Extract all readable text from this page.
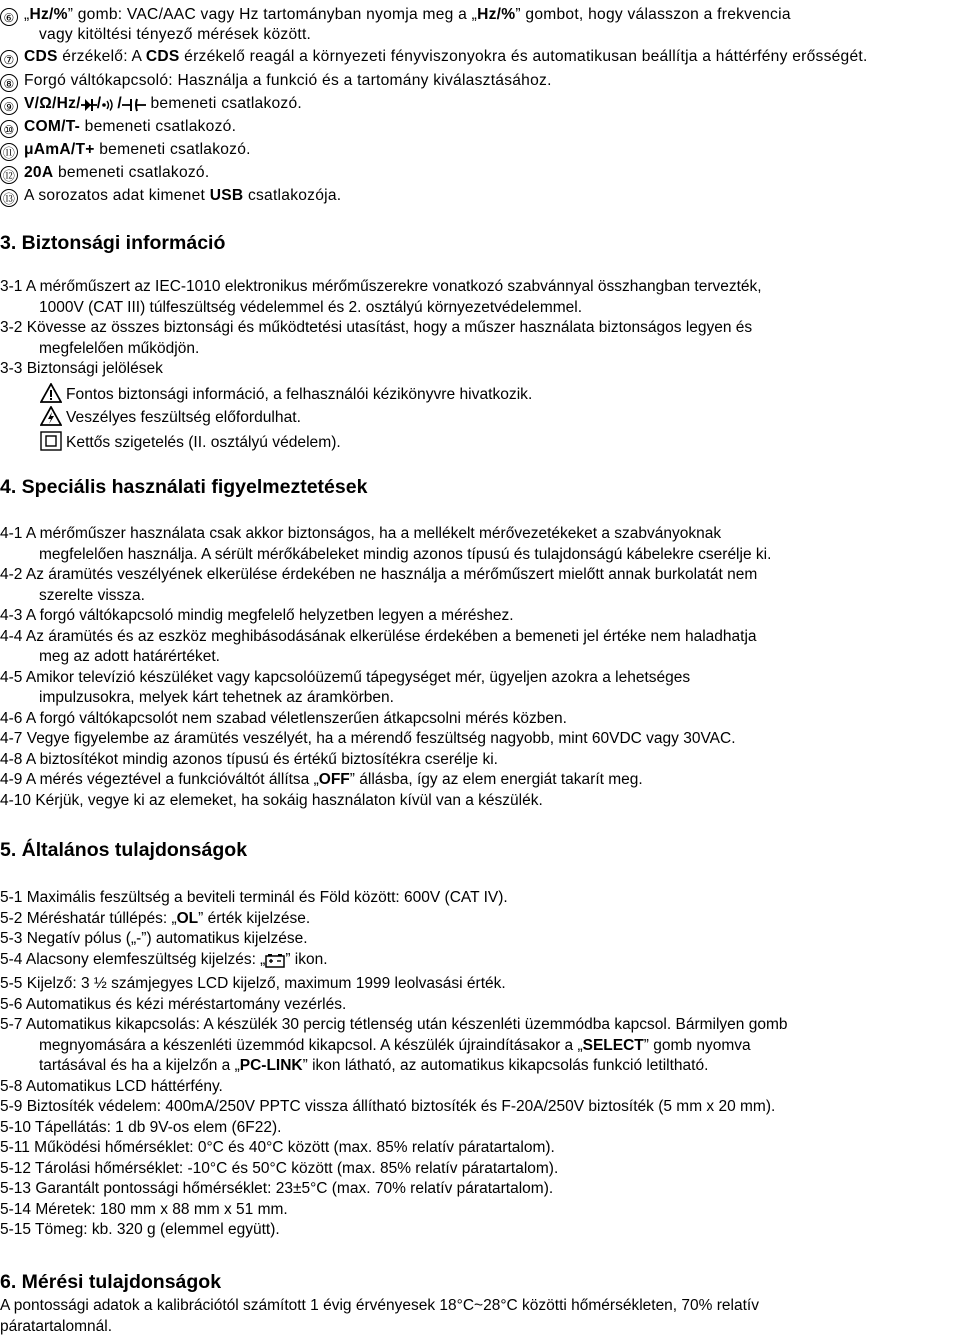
⑥ „Hz/%” gomb: VAC/AAC vagy Hz tartományban nyomja meg a „Hz/%” gombot, hogy válasszon a frekvencia
vagy kitöltési tényező mérések között.
⑦ CDS érzékelő: A CDS érzékelő reagál a környezeti fényviszonyokra és automatikusan beállítja a háttérfény erősségét.
⑧ Forgó váltókapcsoló: Használja a funkció és a tartomány kiválasztásához.
⑨ V/Ω/Hz/ / / bemeneti csatlakozó.
⑩ COM/T- bemeneti csatlakozó.
⑪ μAmA/T+ bemeneti csatlakozó.
⑫ 20A bemeneti csatlakozó.
⑬ A sorozatos adat kimenet USB csatlakozója.
3. Biztonsági információ
3-1 A mérőműszert az IEC-1010 elektronikus mérőműszerekre vonatkozó szabvánnyal összhangban tervezték,
1000V (CAT III) túlfeszültség védelemmel és 2. osztályú környezetvédelemmel.
3-2 Kövesse az összes biztonsági és működtetési utasítást, hogy a műszer használata biztonságos legyen és
megfelelően működjön.
3-3 Biztonsági jelölések
Fontos biztonsági információ, a felhasználói kézikönyvre hivatkozik.
Veszélyes feszültség előfordulhat.
Kettős szigetelés (II. osztályú védelem).
4. Speciális használati figyelmeztetések
4-1 A mérőműszer használata csak akkor biztonságos, ha a mellékelt mérővezetékeket a szabványoknak
megfelelően használja. A sérült mérőkábeleket mindig azonos típusú és tulajdonságú kábelekre cserélje ki.
4-2 Az áramütés veszélyének elkerülése érdekében ne használja a mérőműszert mielőtt annak burkolatát nem
szerelte vissza.
4-3 A forgó váltókapcsoló mindig megfelelő helyzetben legyen a méréshez.
4-4 Az áramütés és az eszköz meghibásodásának elkerülése érdekében a bemeneti jel értéke nem haladhatja
meg az adott határértéket.
4-5 Amikor televízió készüléket vagy kapcsolóüzemű tápegységet mér, ügyeljen azokra a lehetséges
impulzusokra, melyek kárt tehetnek az áramkörben.
4-6 A forgó váltókapcsolót nem szabad véletlenszerűen átkapcsolni mérés közben.
4-7 Vegye figyelembe az áramütés veszélyét, ha a mérendő feszültség nagyobb, mint 60VDC vagy 30VAC.
4-8 A biztosítékot mindig azonos típusú és értékű biztosítékra cserélje ki.
4-9 A mérés végeztével a funkcióváltót állítsa „OFF” állásba, így az elem energiát takarít meg.
4-10 Kérjük, vegye ki az elemeket, ha sokáig használaton kívül van a készülék.
5. Általános tulajdonságok
5-1 Maximális feszültség a beviteli terminál és Föld között: 600V (CAT IV).
5-2 Méréshatár túllépés: „OL” érték kijelzése.
5-3 Negatív pólus („-”) automatikus kijelzése.
5-4 Alacsony elemfeszültség kijelzés: „ ” ikon.
5-5 Kijelző: 3 ½ számjegyes LCD kijelző, maximum 1999 leolvasási érték.
5-6 Automatikus és kézi méréstartomány vezérlés.
5-7 Automatikus kikapcsolás: A készülék 30 percig tétlenség után készenléti üzemmódba kapcsol. Bármilyen gomb
megnyomására a készenléti üzemmód kikapcsol. A készülék újraindításakor a „SELECT” gomb nyomva
tartásával és ha a kijelzőn a „PC-LINK” ikon látható, az automatikus kikapcsolás funkció letiltható.
5-8 Automatikus LCD háttérfény.
5-9 Biztosíték védelem: 400mA/250V PPTC vissza állítható biztosíték és F-20A/250V biztosíték (5 mm x 20 mm).
5-10 Tápellátás: 1 db 9V-os elem (6F22).
5-11 Működési hőmérséklet: 0°C és 40°C között (max. 85% relatív páratartalom).
5-12 Tárolási hőmérséklet: -10°C és 50°C között (max. 85% relatív páratartalom).
5-13 Garantált pontossági hőmérséklet: 23±5°C (max. 70% relatív páratartalom).
5-14 Méretek: 180 mm x 88 mm x 51 mm.
5-15 Tömeg: kb. 320 g (elemmel együtt).
6. Mérési tulajdonságok
A pontossági adatok a kalibrációtól számított 1 évig érvényesek 18°C~28°C közötti hőmérsékleten, 70% relatív
páratartalomnál.
